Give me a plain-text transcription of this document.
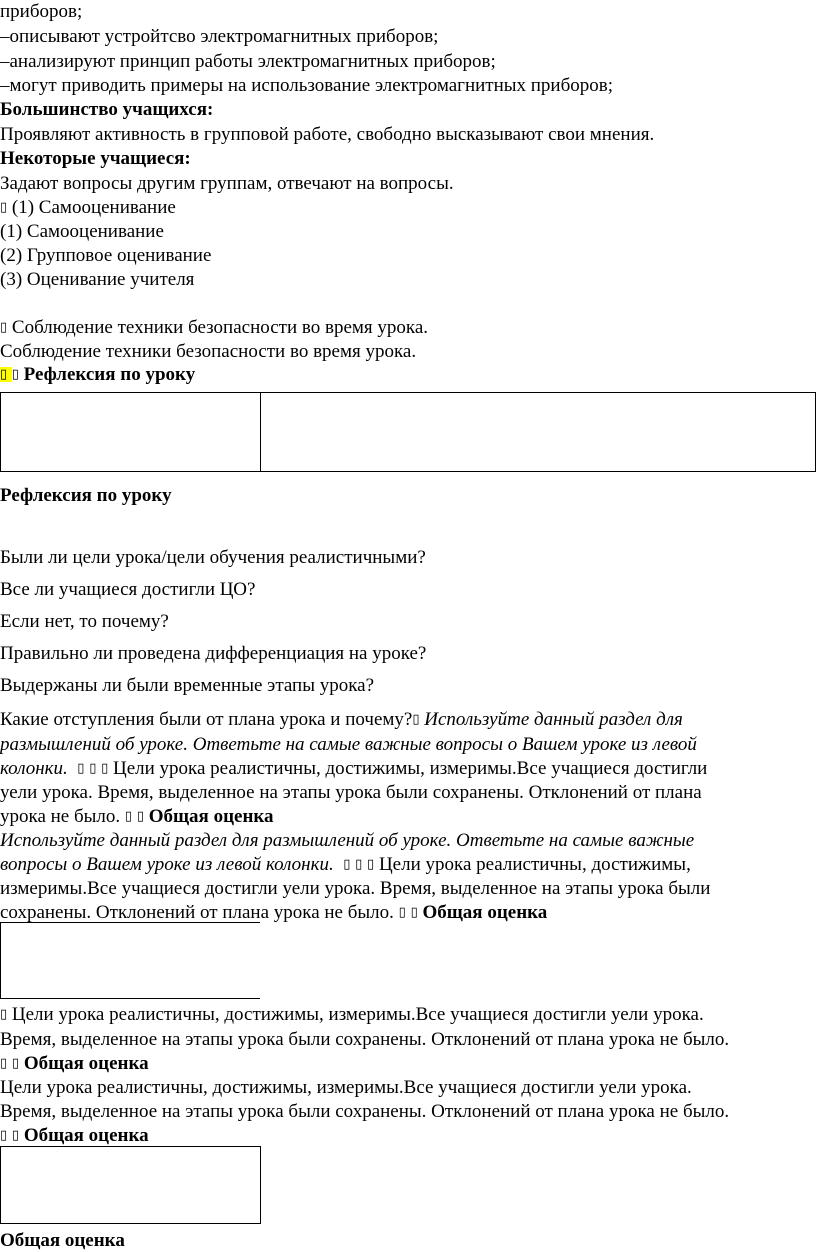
приборов;
–описывают устройтсво электромагнитных приборов;
–анализируют принцип работы электромагнитных приборов;
–могут приводить примеры на использование электромагнитных приборов;
Большинство учащихся:
Проявляют активность в групповой работе, свободно высказывают свои мнения.
Некоторые учащиеся:
Задают вопросы другим группам, отвечают на вопросы.
▯ (1) Самооценивание
(1) Самооценивание
(2) Групповое оценивание
(3) Оценивание учителя
▯ Соблюдение техники безопасности во время урока.
Соблюдение техники безопасности во время урока.
▯ ▯ Рефлексия по уроку
Рефлексия по уроку
Были ли цели урока/цели обучения реалистичными?
Все ли учащиеся достигли ЦО?
Если нет, то почему?
Правильно ли проведена дифференциация на уроке?
Выдержаны ли были временные этапы урока?
Какие отступления были от плана урока и почему?▯ Используйте данный раздел для
размышлений об уроке. Ответьте на самые важные вопросы о Вашем уроке из левой
колонки. ▯ ▯ ▯ Цели урока реалистичны, достижимы, измеримы.Все учащиеся достигли
уели урока. Время, выделенное на этапы урока были сохранены. Отклонений от плана
урока не было. ▯ ▯ Общая оценка
Используйте данный раздел для размышлений об уроке. Ответьте на самые важные
вопросы о Вашем уроке из левой колонки. ▯ ▯ ▯ Цели урока реалистичны, достижимы,
измеримы.Все учащиеся достигли уели урока. Время, выделенное на этапы урока были
сохранены. Отклонений от плана урока не было. ▯ ▯ Общая оценка
▯ Цели урока реалистичны, достижимы, измеримы.Все учащиеся достигли уели урока.
Время, выделенное на этапы урока были сохранены. Отклонений от плана урока не было.
▯ ▯ Общая оценка
Цели урока реалистичны, достижимы, измеримы.Все учащиеся достигли уели урока.
Время, выделенное на этапы урока были сохранены. Отклонений от плана урока не было.
▯ ▯ Общая оценка
Общая оценка
